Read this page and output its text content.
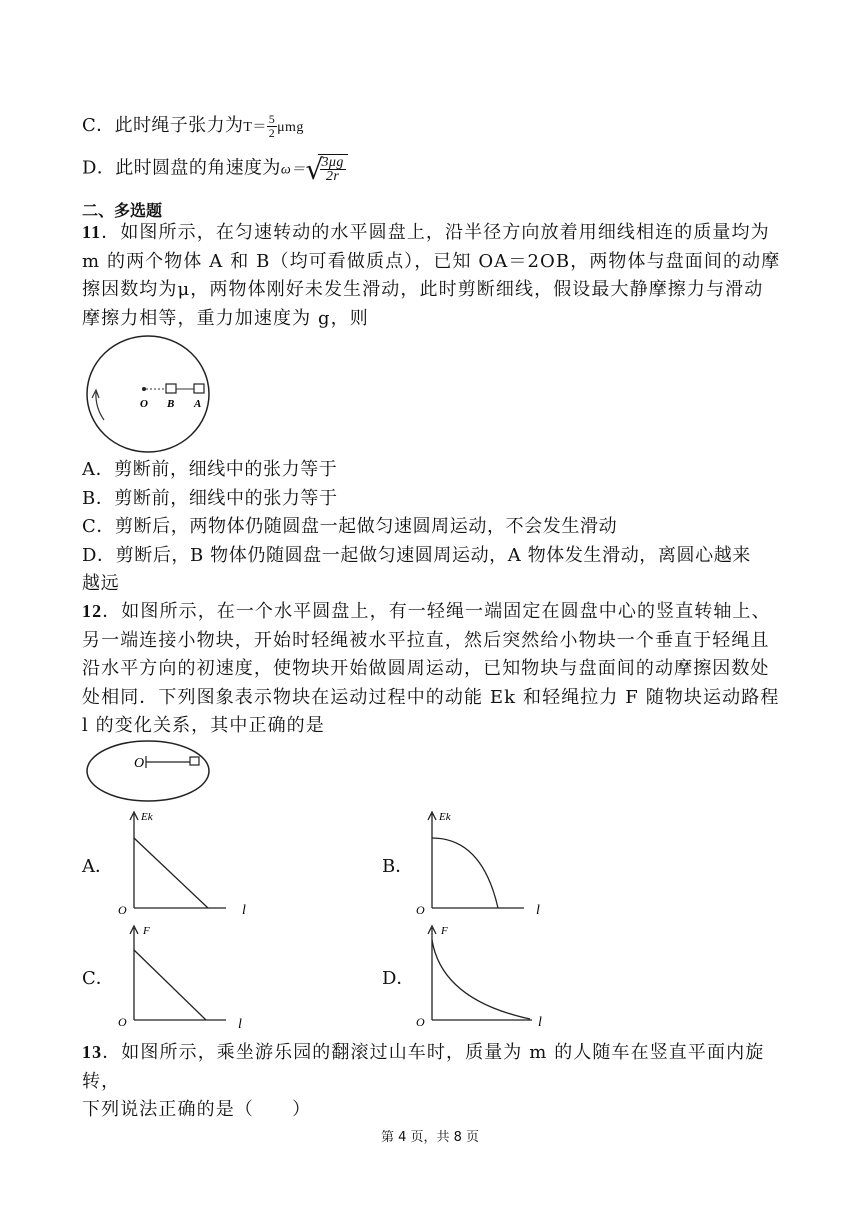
C．此时绳子张力为$T= \frac{5}{2}$ μmg
D．此时圆盘的角速度为ω＝ √
$\frac{3\mu g}{2r}$
二、多选题
11．如图所示，在匀速转动的水平圆盘上，沿半径方向放着用细线相连的质量均为
m 的两个物体 A 和 B（均可看做质点），已知 OA＝2OB，两物体与盘面间的动摩
擦因数均为μ，两物体刚好未发生滑动，此时剪断细线，假设最大静摩擦力与滑动
摩擦力相等，重力加速度为 g，则
O B A
A．剪断前，细线中的张力等于
B．剪断前，细线中的张力等于
C．剪断后，两物体仍随圆盘一起做匀速圆周运动，不会发生滑动
D．剪断后，B 物体仍随圆盘一起做匀速圆周运动，A 物体发生滑动，离圆心越来
越远
12．如图所示，在一个水平圆盘上，有一轻绳一端固定在圆盘中心的竖直转轴上、
另一端连接小物块，开始时轻绳被水平拉直，然后突然给小物块一个垂直于轻绳且
沿水平方向的初速度，使物块开始做圆周运动，已知物块与盘面间的动摩擦因数处
处相同．下列图象表示物块在运动过程中的动能 Ek 和轻绳拉力 F 随物块运动路程
l 的变化关系，其中正确的是
O
A．	B．
C．	D．
Ek
O	l
Ek
O	l
F
O	l
F
O	l
13．如图所示，乘坐游乐园的翻滚过山车时，质量为 m 的人随车在竖直平面内旋转，
下列说法正确的是（　　）
第 4 页，共 8 页
